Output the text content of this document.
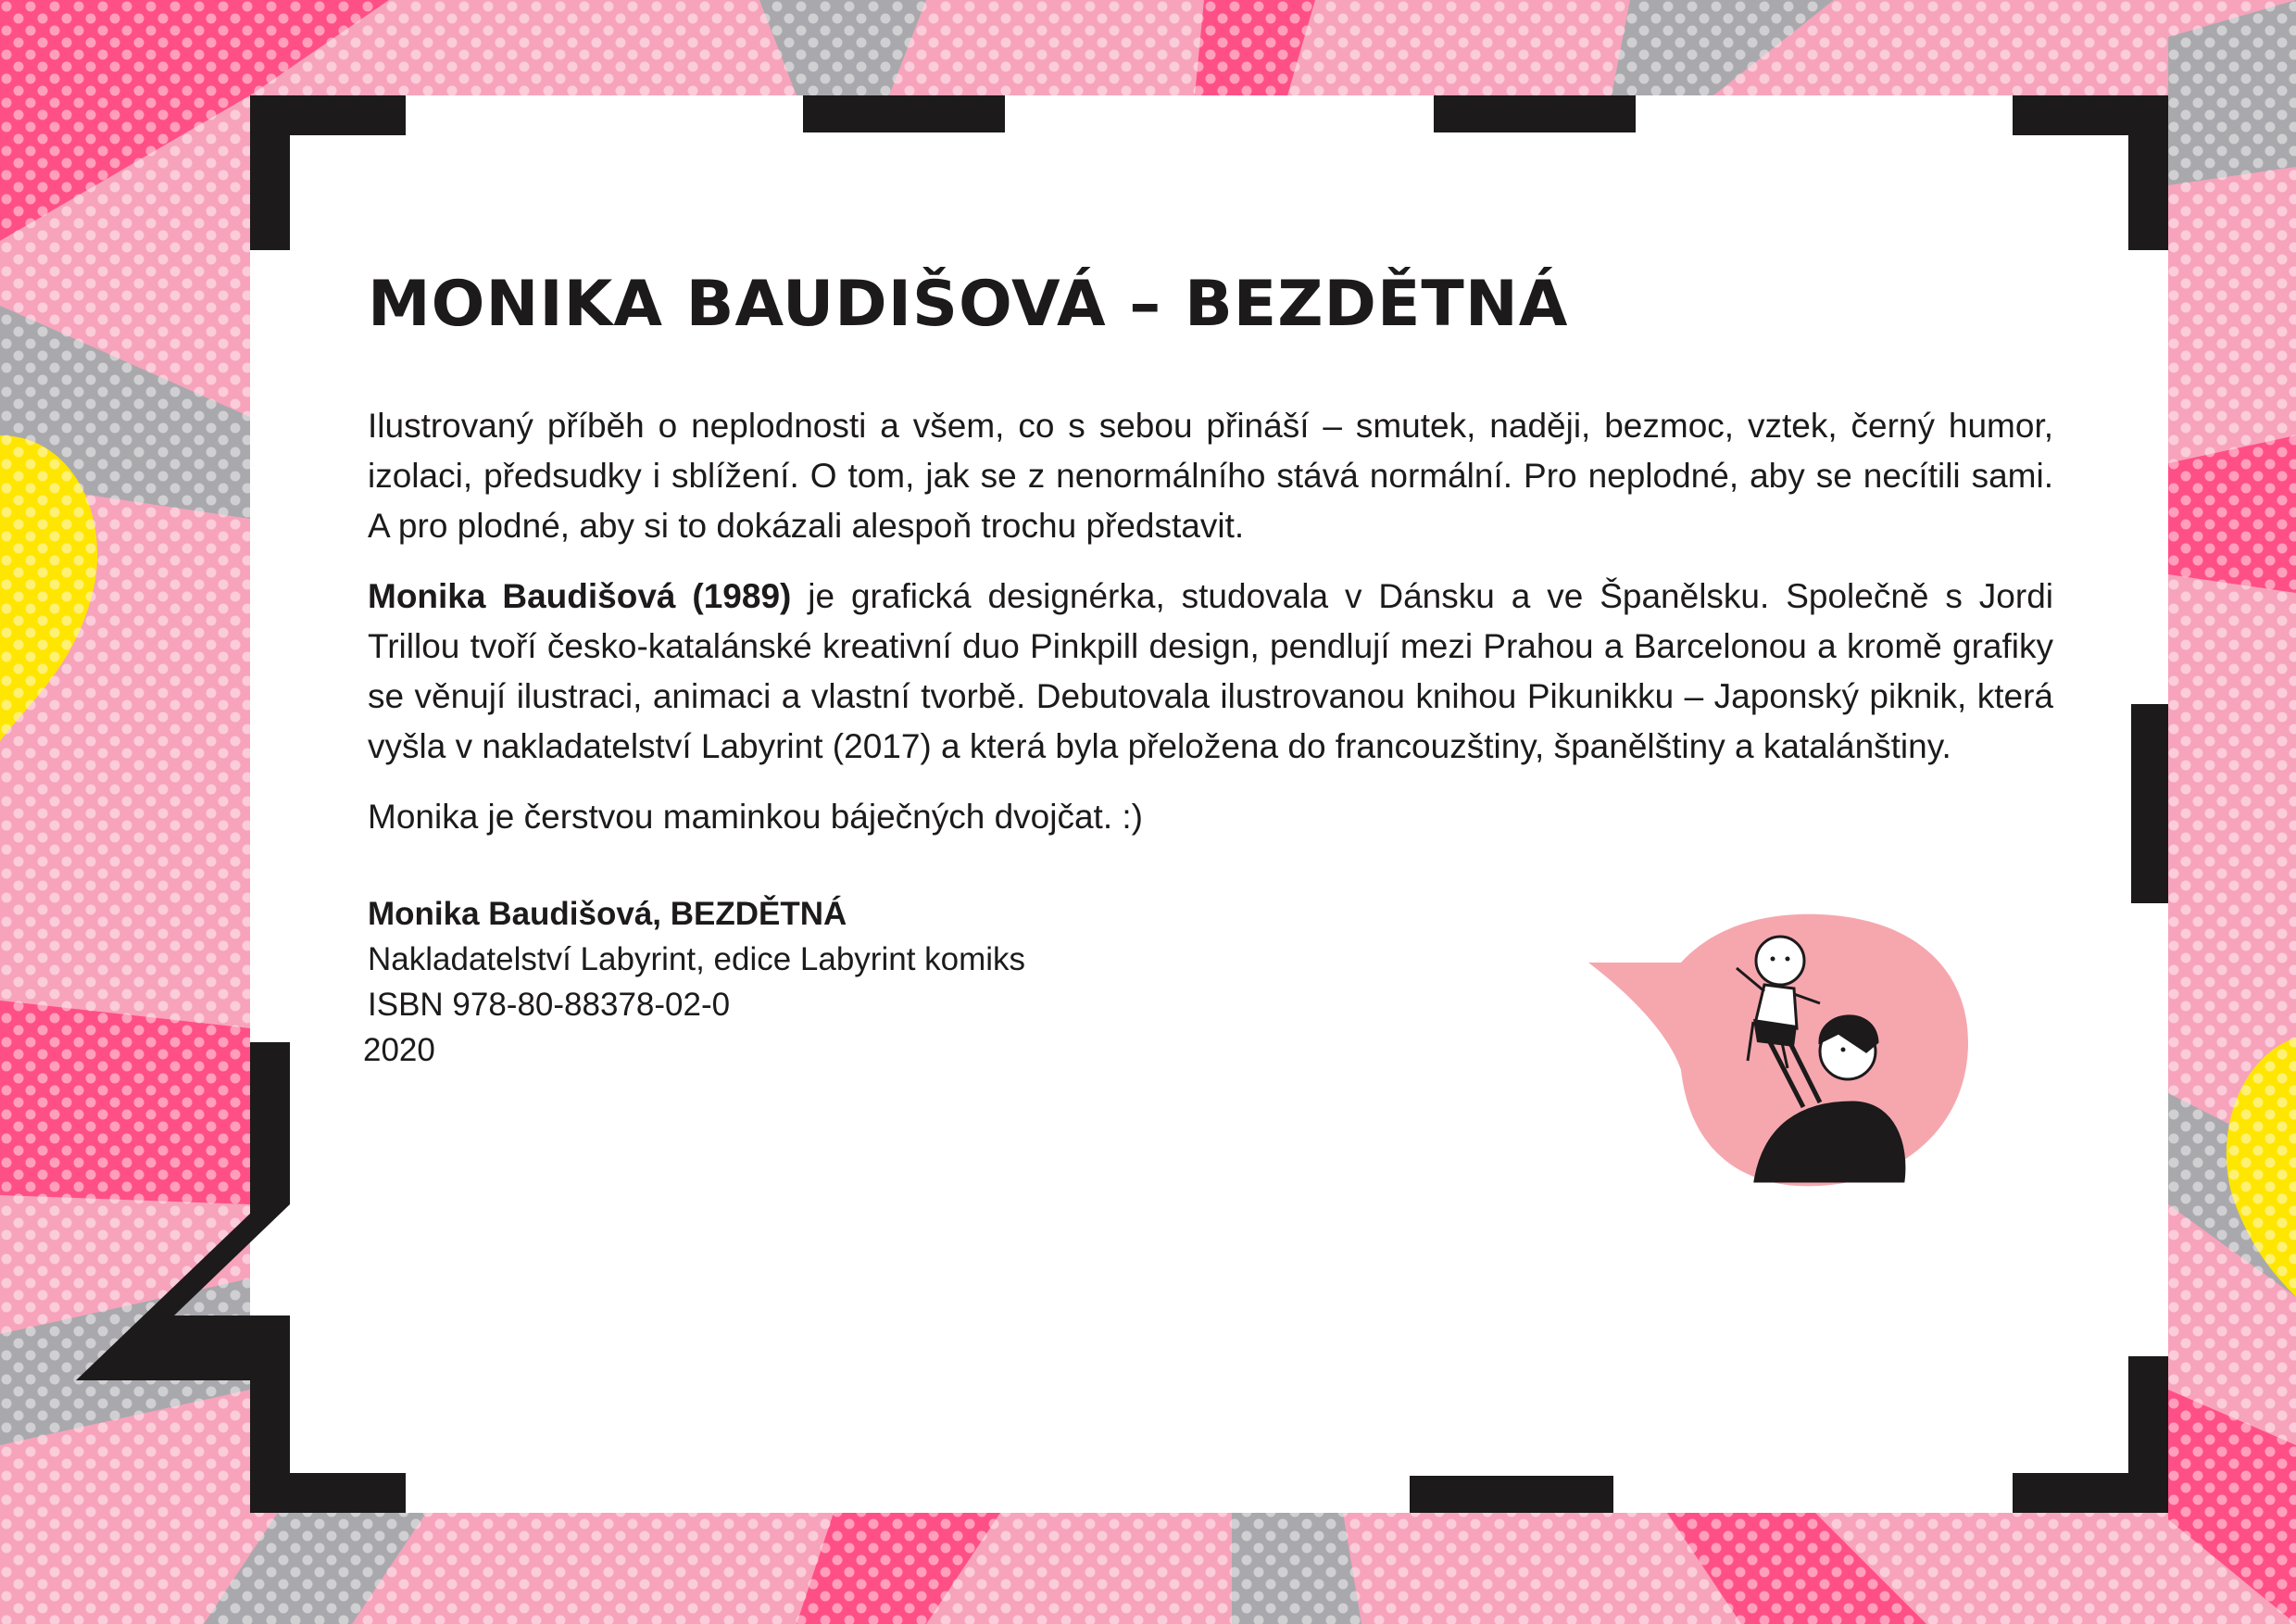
MONIKA BAUDIŠOVÁ – BEZDĚTNÁ

Ilustrovaný příběh o neplodnosti a všem, co s sebou přináší – smutek, naději, bezmoc, vztek, černý humor, izolaci, předsudky i sblížení. O tom, jak se z nenormálního stává normální. Pro neplodné, aby se necítili sami. A pro plodné, aby si to dokázali alespoň trochu představit.

Monika Baudišová (1989) je grafická designérka, studovala v Dánsku a ve Španělsku. Společně s Jordi Trillou tvoří česko-katalánské kreativní duo Pinkpill design, pendlují mezi Prahou a Barcelonou a kromě grafiky se věnují ilustraci, animaci a vlastní tvorbě. Debutovala ilustrovanou knihou Pikunikku – Japonský piknik, která vyšla v nakladatelství Labyrint (2017) a která byla přeložena do francouzštiny, španělštiny a katalánštiny.

Monika je čerstvou maminkou báječných dvojčat. :)

Monika Baudišová, BEZDĚTNÁ
Nakladatelství Labyrint, edice Labyrint komiks
ISBN 978-80-88378-02-0
2020
